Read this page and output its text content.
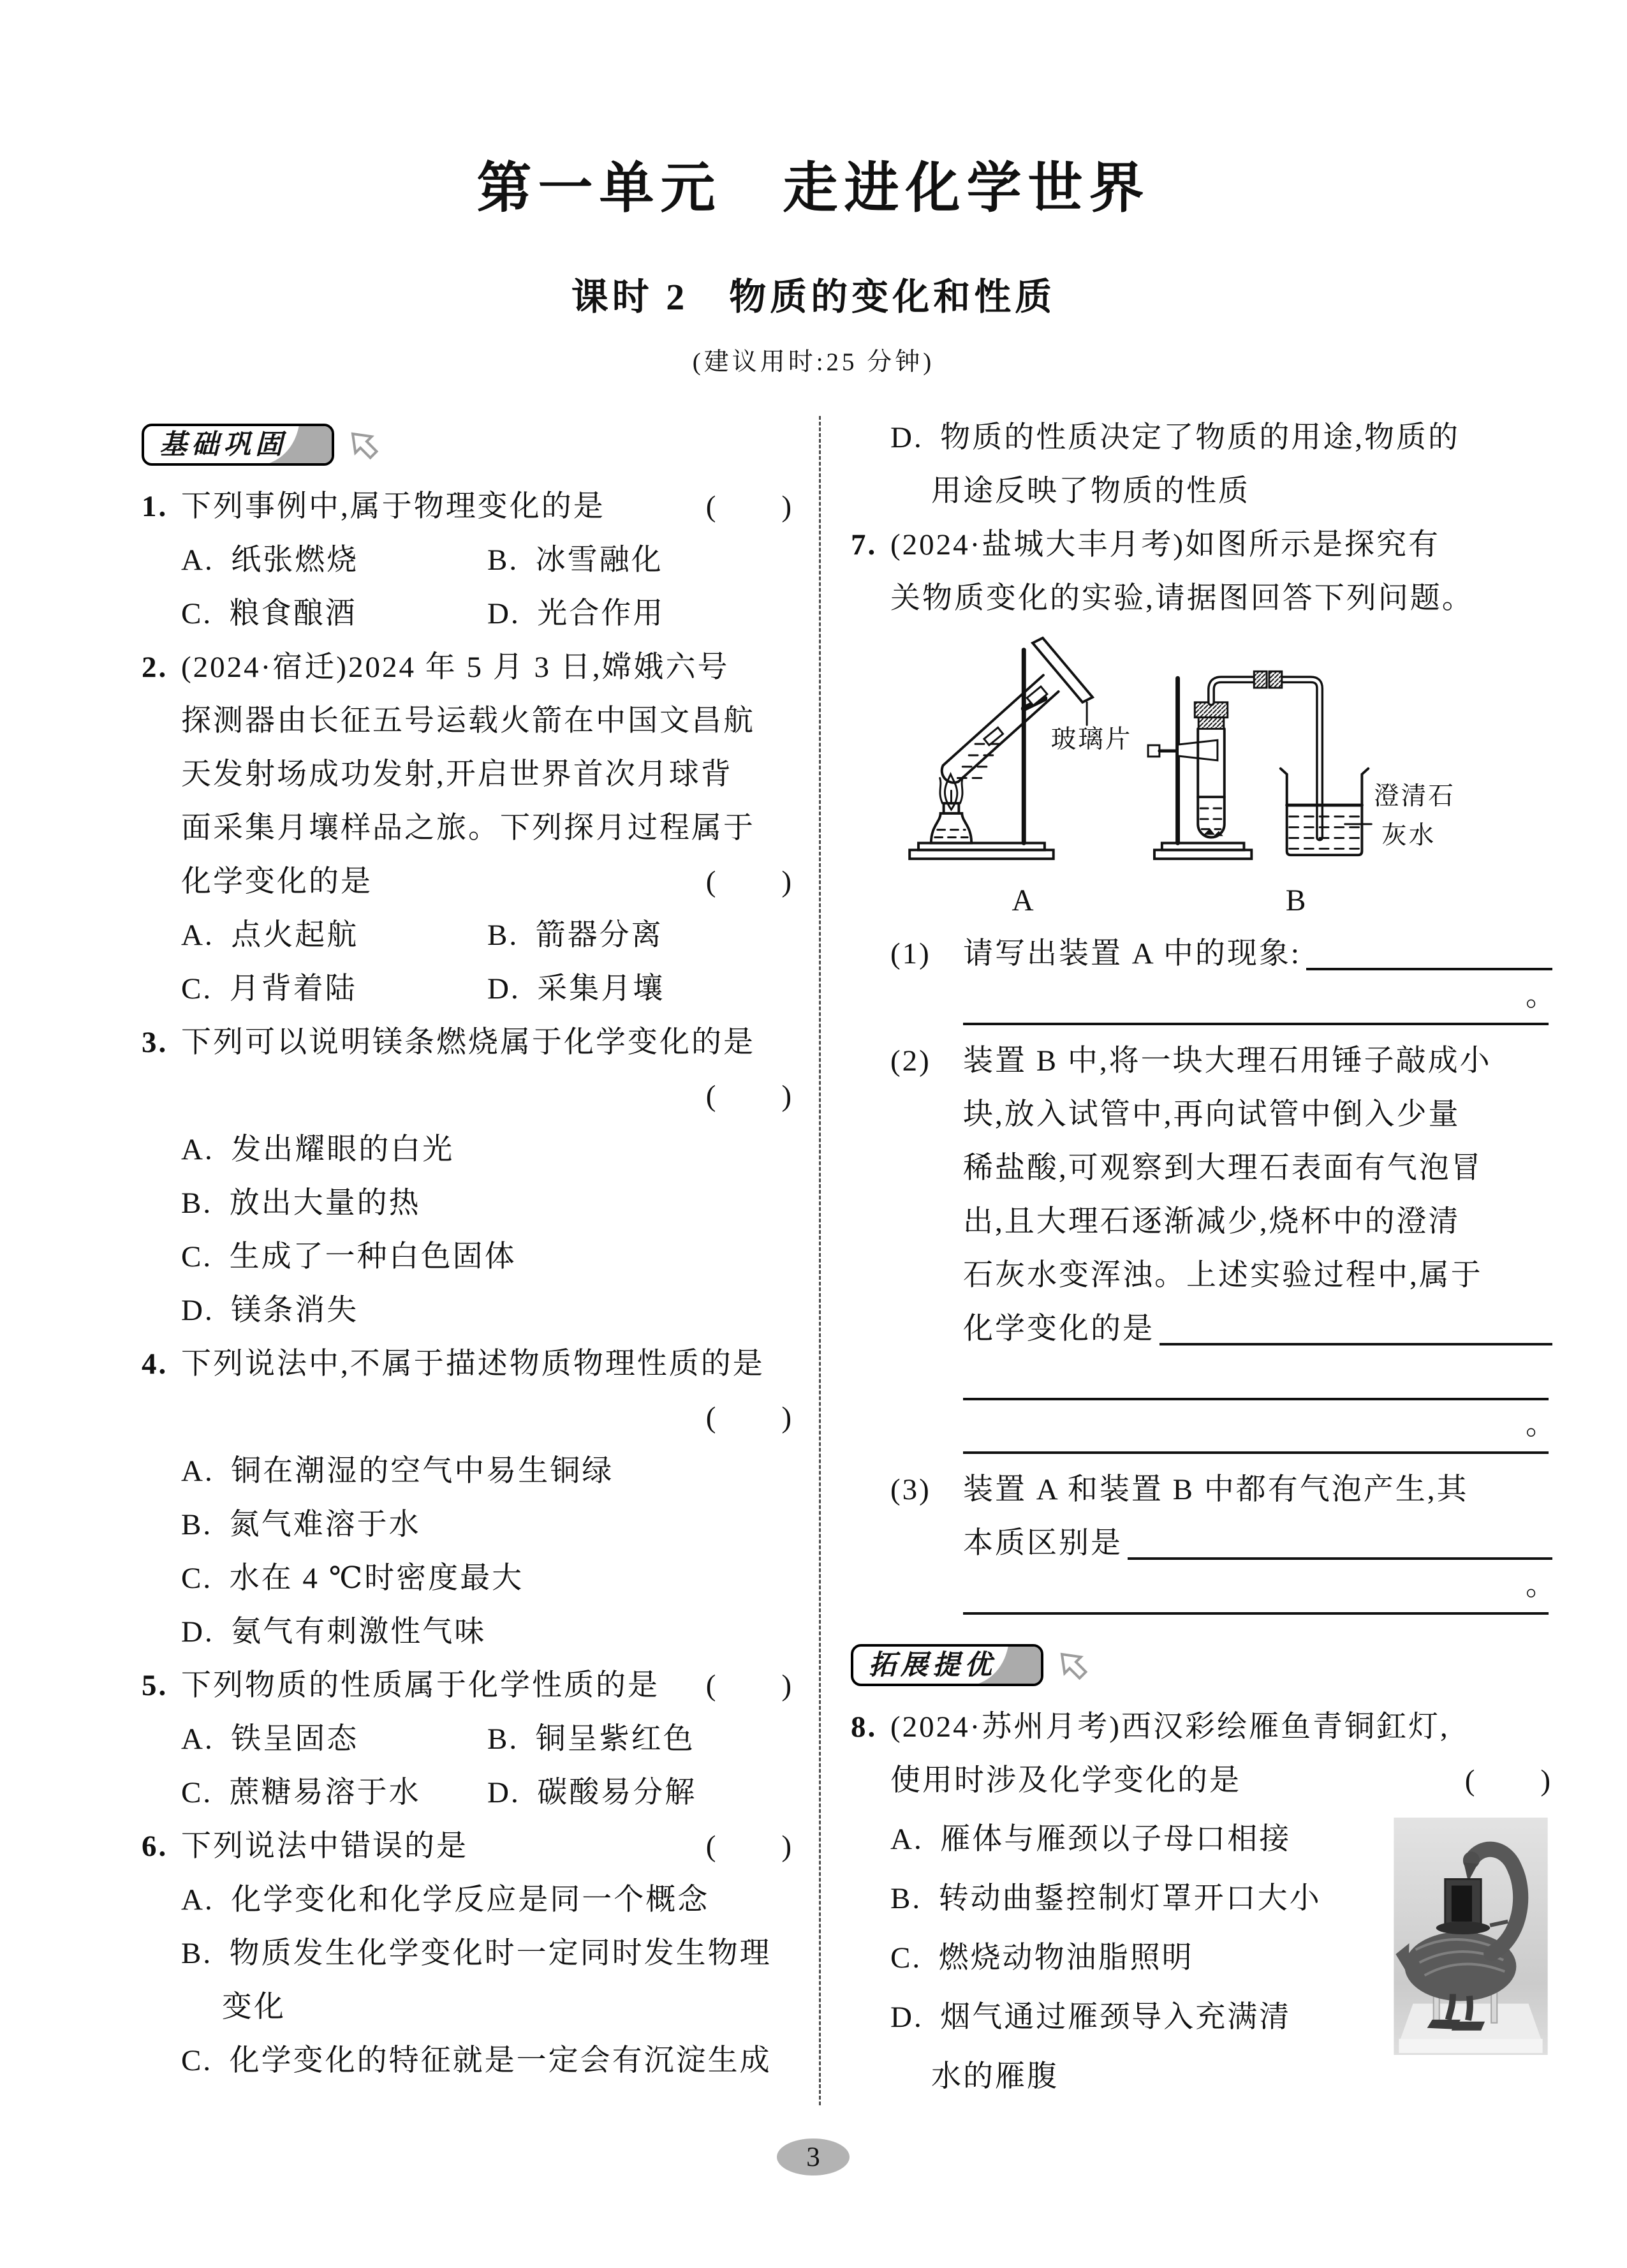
第一单元　走进化学世界
课时 2　物质的变化和性质
(建议用时:25 分钟)
基础巩固
1. 下列事例中,属于物理变化的是	(　　)
A. 纸张燃烧	B. 冰雪融化
C. 粮食酿酒	D. 光合作用
2. (2024·宿迁)2024 年 5 月 3 日,嫦娥六号
探测器由长征五号运载火箭在中国文昌航
天发射场成功发射,开启世界首次月球背
面采集月壤样品之旅。下列探月过程属于
化学变化的是	(　　)
A. 点火起航	B. 箭器分离
C. 月背着陆	D. 采集月壤
3. 下列可以说明镁条燃烧属于化学变化的是
(　　)
A. 发出耀眼的白光
B. 放出大量的热
C. 生成了一种白色固体
D. 镁条消失
4. 下列说法中,不属于描述物质物理性质的是
(　　)
A. 铜在潮湿的空气中易生铜绿
B. 氮气难溶于水
C. 水在 4 ℃时密度最大
D. 氨气有刺激性气味
5. 下列物质的性质属于化学性质的是 (　　)
A. 铁呈固态	B. 铜呈紫红色
C. 蔗糖易溶于水	D. 碳酸易分解
6. 下列说法中错误的是	(　　)
A. 化学变化和化学反应是同一个概念
B. 物质发生化学变化时一定同时发生物理
变化
C. 化学变化的特征就是一定会有沉淀生成
D. 物质的性质决定了物质的用途,物质的
用途反映了物质的性质
7. (2024·盐城大丰月考)如图所示是探究有
关物质变化的实验,请据图回答下列问题。
玻璃片
澄清石
灰水
A	B
(1) 请写出装置 A 中的现象:
。
(2) 装置 B 中,将一块大理石用锤子敲成小
块,放入试管中,再向试管中倒入少量
稀盐酸,可观察到大理石表面有气泡冒
出,且大理石逐渐减少,烧杯中的澄清
石灰水变浑浊。上述实验过程中,属于
化学变化的是
。
(3) 装置 A 和装置 B 中都有气泡产生,其
本质区别是
。
拓展提优
8. (2024·苏州月考)西汉彩绘雁鱼青铜釭灯,
使用时涉及化学变化的是	(　　)
A. 雁体与雁颈以子母口相接
B. 转动曲鋬控制灯罩开口大小
C. 燃烧动物油脂照明
D. 烟气通过雁颈导入充满清
水的雁腹
3
